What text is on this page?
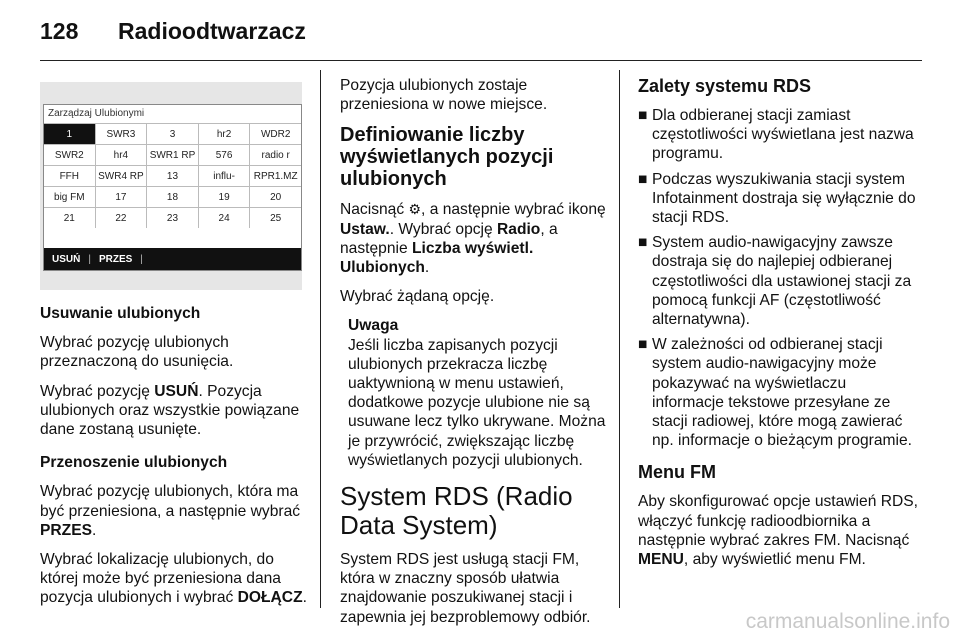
128 Radioodtwarzacz
Zarządzaj Ulubionymi
1	SWR3	3	hr2	WDR2
SWR2	hr4	SWR1 RP	576	radio r
FFH	SWR4 RP	13	influ-	RPR1.MZ
big FM	17	18	19	20
21	22	23	24	25
USUŃ | PRZES |

Usuwanie ulubionych

Wybrać pozycję ulubionych przeznaczoną do usunięcia.

Wybrać pozycję USUŃ. Pozycja ulubionych oraz wszystkie powiązane dane zostaną usunięte.

Przenoszenie ulubionych

Wybrać pozycję ulubionych, która ma być przeniesiona, a następnie wybrać PRZES.

Wybrać lokalizację ulubionych, do której może być przeniesiona dana pozycja ulubionych i wybrać DOŁĄCZ.

Pozycja ulubionych zostaje przeniesiona w nowe miejsce.

Definiowanie liczby wyświetlanych pozycji ulubionych

Nacisnąć ⚙, a następnie wybrać ikonę Ustaw.. Wybrać opcję Radio, a następnie Liczba wyświetl. Ulubionych.

Wybrać żądaną opcję.

Uwaga
Jeśli liczba zapisanych pozycji ulubionych przekracza liczbę uaktywnioną w menu ustawień, dodatkowe pozycje ulubione nie są usuwane lecz tylko ukrywane. Można je przywrócić, zwiększając liczbę wyświetlanych pozycji ulubionych.

System RDS (Radio Data System)

System RDS jest usługą stacji FM, która w znaczny sposób ułatwia znajdowanie poszukiwanej stacji i zapewnia jej bezproblemowy odbiór.

Zalety systemu RDS

■ Dla odbieranej stacji zamiast częstotliwości wyświetlana jest nazwa programu.
■ Podczas wyszukiwania stacji system Infotainment dostraja się wyłącznie do stacji RDS.
■ System audio-nawigacyjny zawsze dostraja się do najlepiej odbieranej częstotliwości dla ustawionej stacji za pomocą funkcji AF (częstotliwość alternatywna).
■ W zależności od odbieranej stacji system audio-nawigacyjny może pokazywać na wyświetlaczu informacje tekstowe przesyłane ze stacji radiowej, które mogą zawierać np. informacje o bieżącym programie.

Menu FM

Aby skonfigurować opcje ustawień RDS, włączyć funkcję radioodbiornika a następnie wybrać zakres FM. Nacisnąć MENU, aby wyświetlić menu FM.

carmanualsonline.info
